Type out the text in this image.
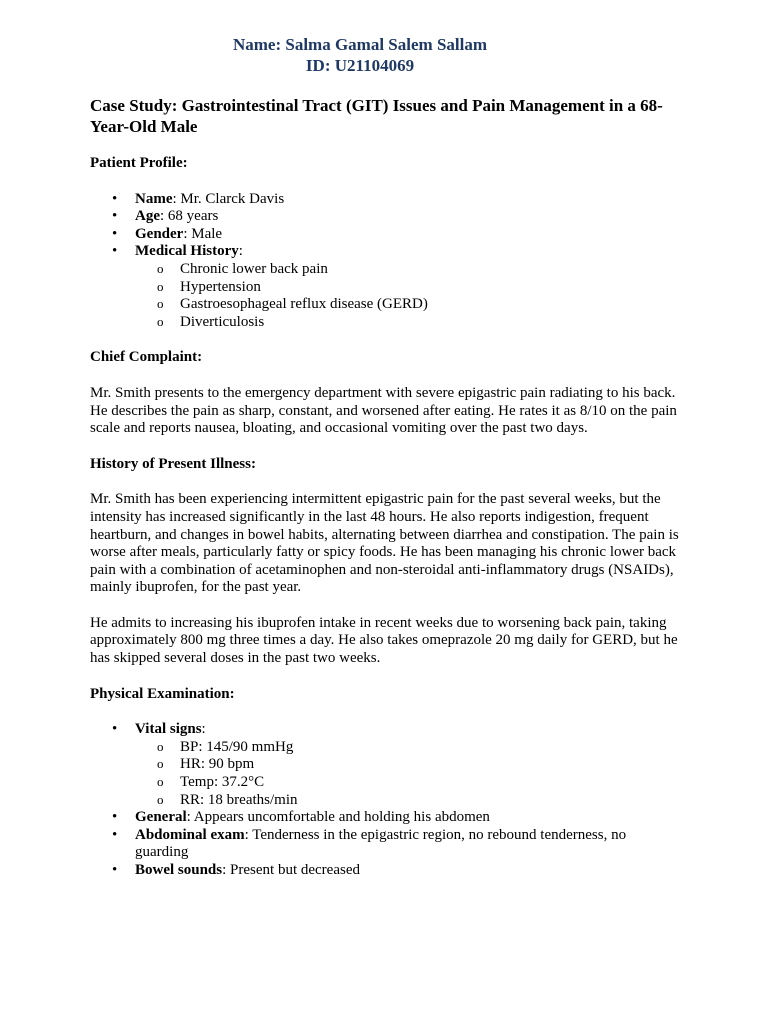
Name: Salma Gamal Salem Sallam
ID: U21104069
Case Study: Gastrointestinal Tract (GIT) Issues and Pain Management in a 68-Year-Old Male
Patient Profile:
• Name: Mr. Clarck Davis
• Age: 68 years
• Gender: Male
• Medical History:
o Chronic lower back pain
o Hypertension
o Gastroesophageal reflux disease (GERD)
o Diverticulosis
Chief Complaint:

Mr. Smith presents to the emergency department with severe epigastric pain radiating to his back. He describes the pain as sharp, constant, and worsened after eating. He rates it as 8/10 on the pain scale and reports nausea, bloating, and occasional vomiting over the past two days.

History of Present Illness:

Mr. Smith has been experiencing intermittent epigastric pain for the past several weeks, but the intensity has increased significantly in the last 48 hours. He also reports indigestion, frequent heartburn, and changes in bowel habits, alternating between diarrhea and constipation. The pain is worse after meals, particularly fatty or spicy foods. He has been managing his chronic lower back pain with a combination of acetaminophen and non-steroidal anti-inflammatory drugs (NSAIDs), mainly ibuprofen, for the past year.

He admits to increasing his ibuprofen intake in recent weeks due to worsening back pain, taking approximately 800 mg three times a day. He also takes omeprazole 20 mg daily for GERD, but he has skipped several doses in the past two weeks.

Physical Examination:
• Vital signs:
o BP: 145/90 mmHg
o HR: 90 bpm
o Temp: 37.2°C
o RR: 18 breaths/min
• General: Appears uncomfortable and holding his abdomen
• Abdominal exam: Tenderness in the epigastric region, no rebound tenderness, no guarding
• Bowel sounds: Present but decreased
